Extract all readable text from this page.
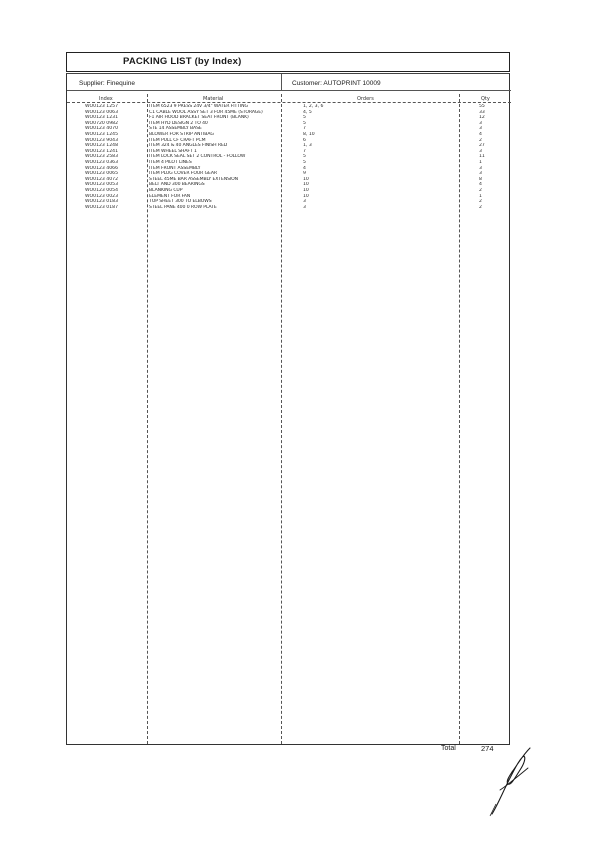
PACKING LIST (by Index)
Supplier: Finequine	Customer: AUTOPRINT 10009
Index	Material	Orders	Qty
WO0123 1257	ITEM 6523 9 PRESS 24V 3/4" WATER FITTING	1, 2, 3, 6	55
WO0123 0063	C1 CABLE WOOL ASSY SET 3 FOR 45ME (STORAGE)	4, 5	33
WO0123 1231	F1 AIR HOOD BRACKET SEAT FRONT (BLANK)	5	12
WO0720 0982	ITEM HYD DESIGN 2 TO 40	5	3
WO0123 4070	STE 14 ASSEMBLY BASE	7	3
WO0123 1245	BLOWER FOR STRIP ANTIBAG	8, 10	4
WO0123 9043	ITEM PULL CF CRAFT PCM	6	2
WO0123 1248	ITEM 324 & 40 ANGLES FINISH RED	1, 3	27
WO0123 1241	ITEM WHEEL SHAFT 1	7	3
WO0123 2583	ITEM LOCK SEAL SET 2 CONTROL - FOLLOW	5	11
WO0123 0363	ITEM 4 PILOT LINES	5	1
WO0123 4066	ITEM FRONT ASSEMBLY	4	3
WO0123 0065	ITEM PLUG COVER FOUR GEAR	9	3
WO0123 4072	STEEL 45ME BAR ASSEMBLY EXTENSION	10	8
WO0123 0053	BELT AND 300 BEARINGS	10	4
WO0123 0054	BLANKING CUP	10	2
WO0123 0023	ELEMENT FOR FAN	10	1
WO0123 0183	TOP SHEET 300 TO ELBOWS	3	2
WO0123 0187	STEEL PANE 400 0 ROW PLATE	3	2
Total	274
